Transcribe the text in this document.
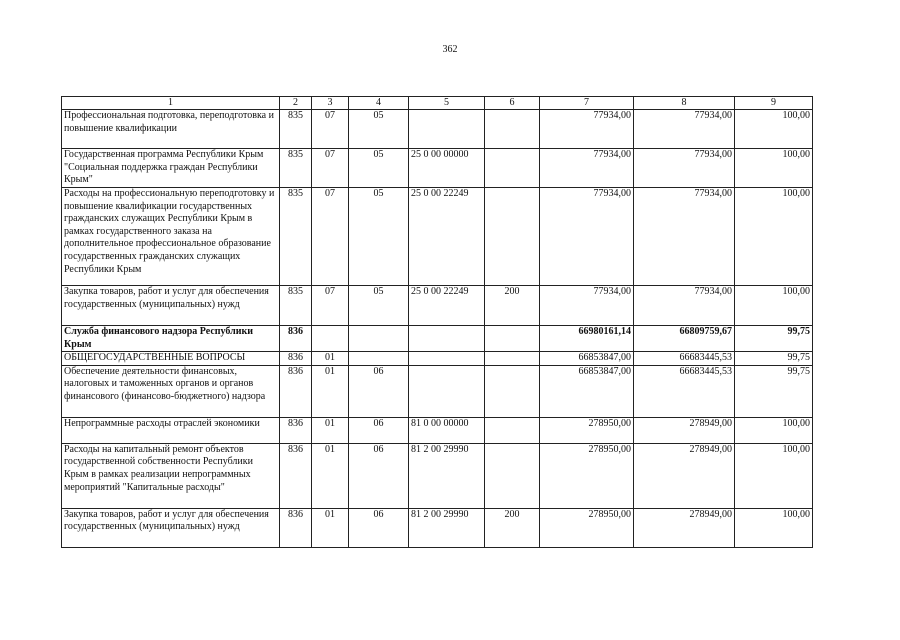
362
1	2	3	4	5	6	7	8	9
Профессиональная подготовка, переподготовка и повышение квалификации	835	07	05			77934,00	77934,00	100,00
Государственная программа Республики Крым "Социальная поддержка граждан Республики Крым"	835	07	05	25 0 00 00000		77934,00	77934,00	100,00
Расходы на профессиональную переподготовку и повышение квалификации государственных гражданских служащих Республики Крым в рамках государственного заказа на дополнительное профессиональное образование государственных гражданских служащих Республики Крым	835	07	05	25 0 00 22249		77934,00	77934,00	100,00
Закупка товаров, работ и услуг для обеспечения государственных (муниципальных) нужд	835	07	05	25 0 00 22249	200	77934,00	77934,00	100,00
Служба финансового надзора Республики Крым	836					66980161,14	66809759,67	99,75
ОБЩЕГОСУДАРСТВЕННЫЕ ВОПРОСЫ	836	01				66853847,00	66683445,53	99,75
Обеспечение деятельности финансовых, налоговых и таможенных органов и органов финансового (финансово-бюджетного) надзора	836	01	06			66853847,00	66683445,53	99,75
Непрограммные расходы отраслей экономики	836	01	06	81 0 00 00000		278950,00	278949,00	100,00
Расходы на капитальный ремонт объектов государственной собственности Республики Крым в рамках реализации непрограммных мероприятий "Капитальные расходы"	836	01	06	81 2 00 29990		278950,00	278949,00	100,00
Закупка товаров, работ и услуг для обеспечения государственных (муниципальных) нужд	836	01	06	81 2 00 29990	200	278950,00	278949,00	100,00
